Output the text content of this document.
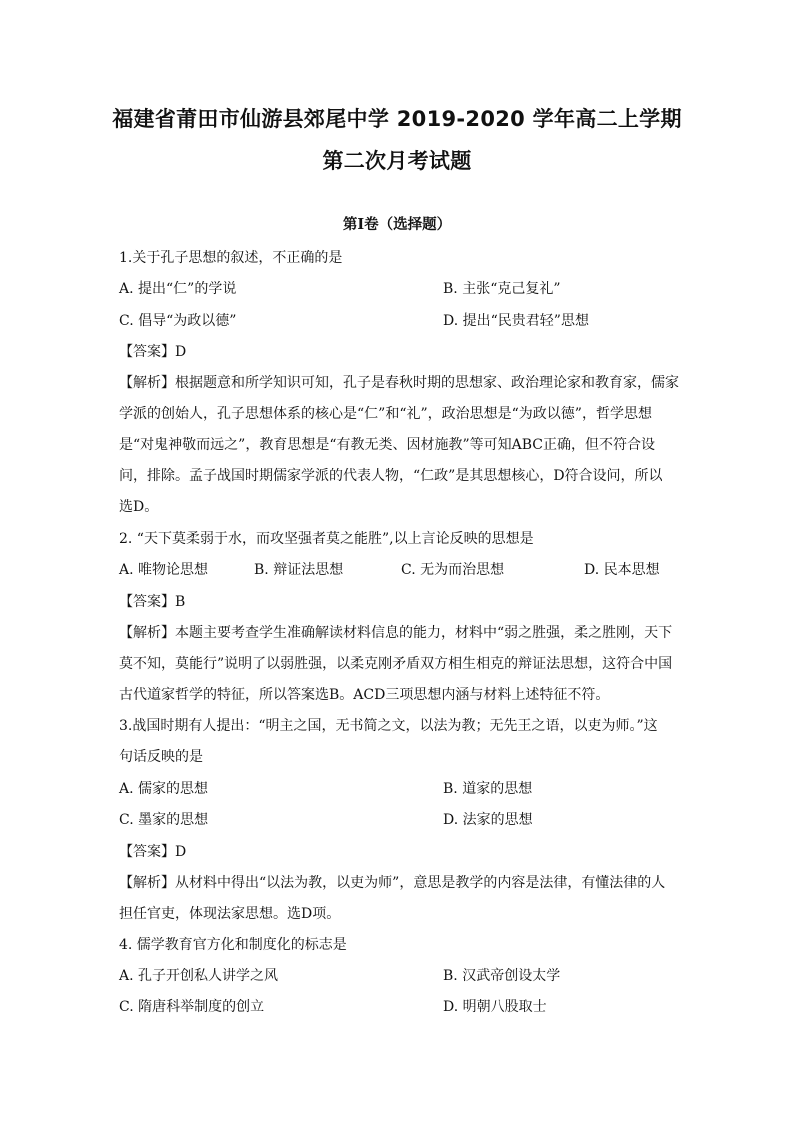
福建省莆田市仙游县郊尾中学 2019-2020 学年高二上学期
第二次月考试题
第Ⅰ卷（选择题）
1.关于孔子思想的叙述，不正确的是
A. 提出“仁”的学说	B. 主张“克己复礼”
C. 倡导“为政以德”	D. 提出“民贵君轻”思想
【答案】D
【解析】根据题意和所学知识可知，孔子是春秋时期的思想家、政治理论家和教育家，儒家
学派的创始人，孔子思想体系的核心是“仁”和“礼”，政治思想是“为政以德”，哲学思想
是“对鬼神敬而远之”，教育思想是“有教无类、因材施教”等可知ABC正确，但不符合设
问，排除。孟子战国时期儒家学派的代表人物，“仁政”是其思想核心，D符合设问，所以
选D。
2. “天下莫柔弱于水，而攻坚强者莫之能胜”,以上言论反映的思想是
A. 唯物论思想	B. 辩证法思想	C. 无为而治思想	D. 民本思想
【答案】B
【解析】本题主要考查学生准确解读材料信息的能力，材料中“弱之胜强，柔之胜刚，天下
莫不知，莫能行”说明了以弱胜强，以柔克刚矛盾双方相生相克的辩证法思想，这符合中国
古代道家哲学的特征，所以答案选B。ACD三项思想内涵与材料上述特征不符。
3.战国时期有人提出：“明主之国，无书简之文，以法为教；无先王之语，以吏为师。”这
句话反映的是
A. 儒家的思想	B. 道家的思想
C. 墨家的思想	D. 法家的思想
【答案】D
【解析】从材料中得出“以法为教，以吏为师”，意思是教学的内容是法律，有懂法律的人
担任官吏，体现法家思想。选D项。
4. 儒学教育官方化和制度化的标志是
A. 孔子开创私人讲学之风	B. 汉武帝创设太学
C. 隋唐科举制度的创立	D. 明朝八股取士
